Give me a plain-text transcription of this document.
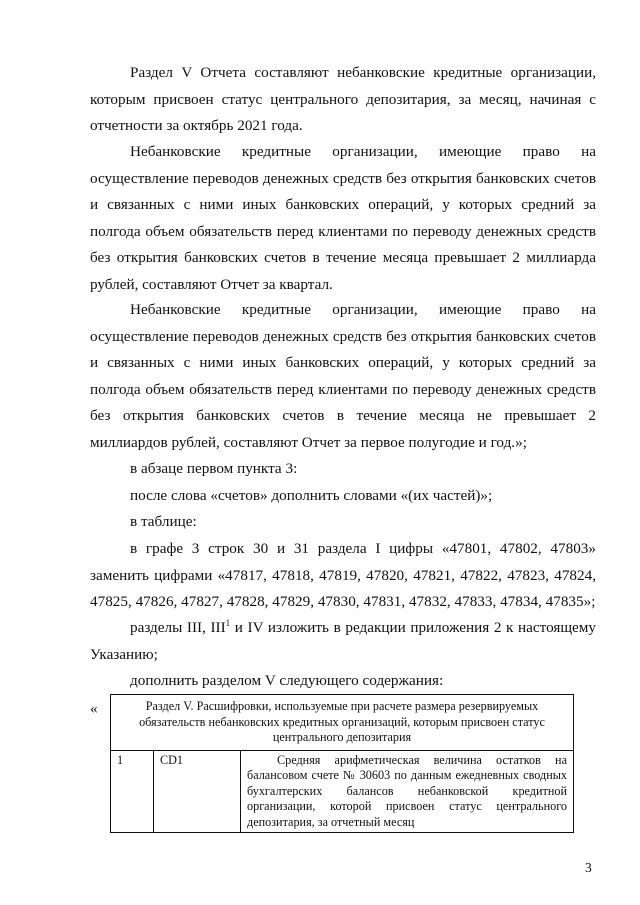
Раздел V Отчета составляют небанковские кредитные организации, которым присвоен статус центрального депозитария, за месяц, начиная с отчетности за октябрь 2021 года.

Небанковские кредитные организации, имеющие право на осуществление переводов денежных средств без открытия банковских счетов и связанных с ними иных банковских операций, у которых средний за полгода объем обязательств перед клиентами по переводу денежных средств без открытия банковских счетов в течение месяца превышает 2 миллиарда рублей, составляют Отчет за квартал.

Небанковские кредитные организации, имеющие право на осуществление переводов денежных средств без открытия банковских счетов и связанных с ними иных банковских операций, у которых средний за полгода объем обязательств перед клиентами по переводу денежных средств без открытия банковских счетов в течение месяца не превышает 2 миллиардов рублей, составляют Отчет за первое полугодие и год.»;

в абзаце первом пункта 3:

после слова «счетов» дополнить словами «(их частей)»;

в таблице:

в графе 3 строк 30 и 31 раздела I цифры «47801, 47802, 47803» заменить цифрами «47817, 47818, 47819, 47820, 47821, 47822, 47823, 47824, 47825, 47826, 47827, 47828, 47829, 47830, 47831, 47832, 47833, 47834, 47835»;

разделы III, III$^1$ и IV изложить в редакции приложения 2 к настоящему Указанию;

дополнить разделом V следующего содержания:

«	Раздел V. Расшифровки, используемые при расчете размера резервируемых обязательств небанковских кредитных организаций, которым присвоен статус центрального депозитария
1	CD1	Средняя арифметическая величина остатков на балансовом счете № 30603 по данным ежедневных сводных бухгалтерских балансов небанковской кредитной организации, которой присвоен статус центрального депозитария, за отчетный месяц
3
